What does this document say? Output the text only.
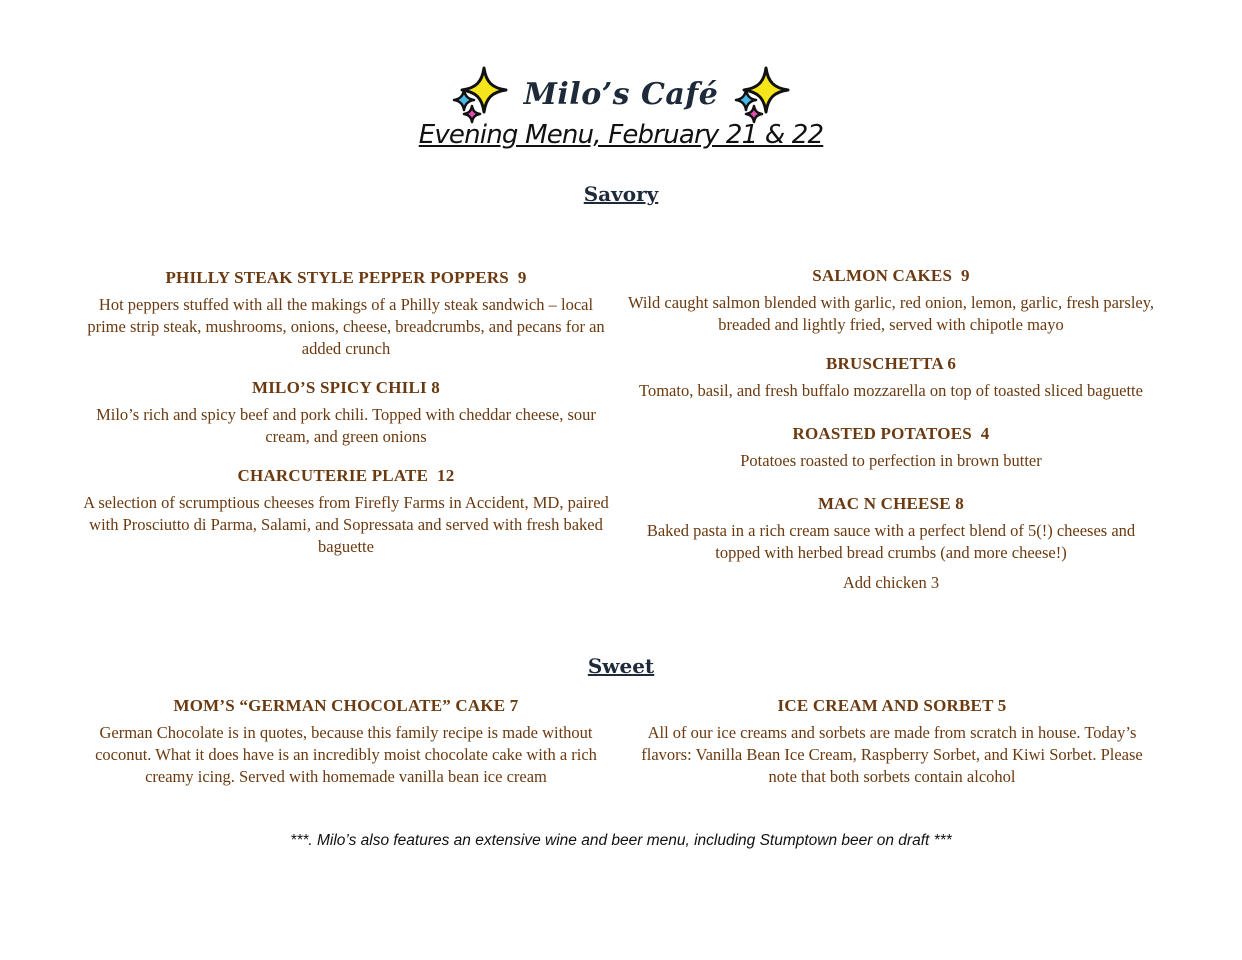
Milo’s Café
Evening Menu, February 21 & 22
Savory
PHILLY STEAK STYLE PEPPER POPPERS  9
Hot peppers stuffed with all the makings of a Philly steak sandwich – local prime strip steak, mushrooms, onions, cheese, breadcrumbs, and pecans for an added crunch
MILO’S SPICY CHILI 8
Milo’s rich and spicy beef and pork chili. Topped with cheddar cheese, sour cream, and green onions
CHARCUTERIE PLATE  12
A selection of scrumptious cheeses from Firefly Farms in Accident, MD, paired with Prosciutto di Parma, Salami, and Sopressata and served with fresh baked baguette
SALMON CAKES  9
Wild caught salmon blended with garlic, red onion, lemon, garlic, fresh parsley, breaded and lightly fried, served with chipotle mayo
BRUSCHETTA 6
Tomato, basil, and fresh buffalo mozzarella on top of toasted sliced baguette
ROASTED POTATOES  4
Potatoes roasted to perfection in brown butter
MAC N CHEESE 8
Baked pasta in a rich cream sauce with a perfect blend of 5(!) cheeses and topped with herbed bread crumbs (and more cheese!)
Add chicken 3
Sweet
MOM’S “GERMAN CHOCOLATE” CAKE 7
German Chocolate is in quotes, because this family recipe is made without coconut. What it does have is an incredibly moist chocolate cake with a rich creamy icing. Served with homemade vanilla bean ice cream
ICE CREAM AND SORBET 5
All of our ice creams and sorbets are made from scratch in house. Today’s flavors: Vanilla Bean Ice Cream, Raspberry Sorbet, and Kiwi Sorbet. Please note that both sorbets contain alcohol
***. Milo’s also features an extensive wine and beer menu, including Stumptown beer on draft ***
